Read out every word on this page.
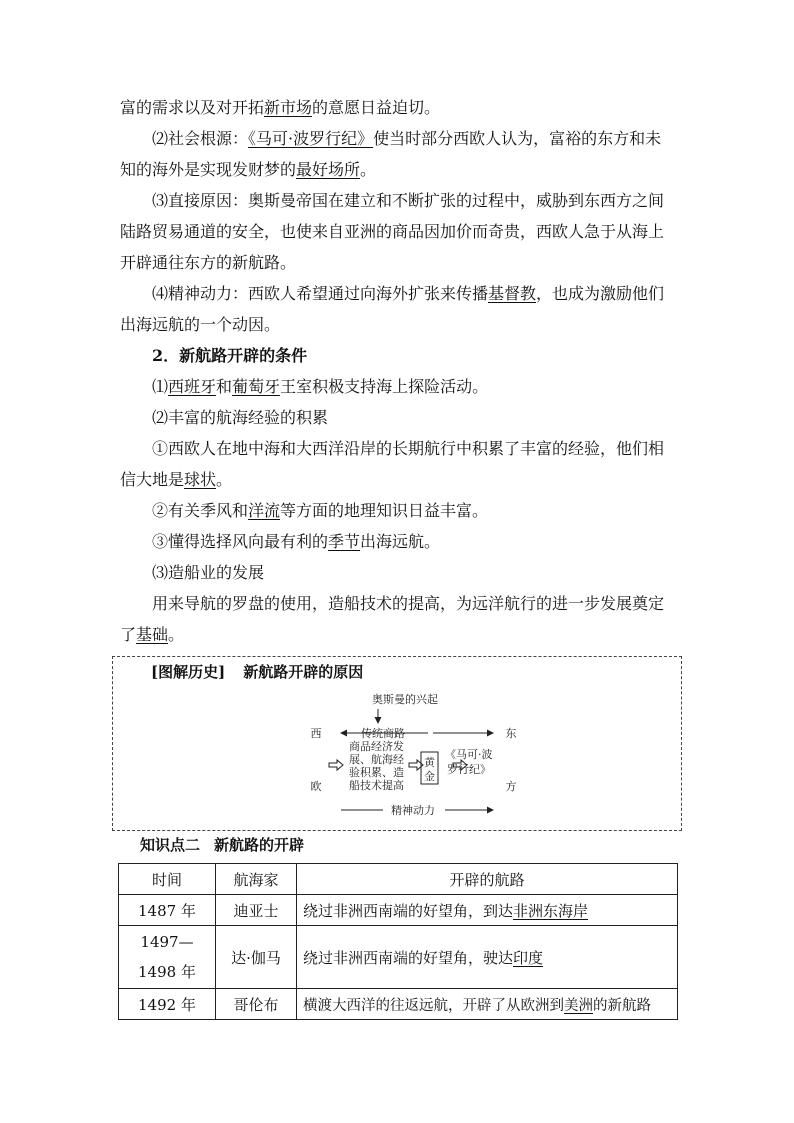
富的需求以及对开拓新市场的意愿日益迫切。

⑵社会根源：《马可·波罗行纪》使当时部分西欧人认为，富裕的东方和未

知的海外是实现发财梦的最好场所。

⑶直接原因：奥斯曼帝国在建立和不断扩张的过程中，威胁到东西方之间

陆路贸易通道的安全，也使来自亚洲的商品因加价而奇贵，西欧人急于从海上

开辟通往东方的新航路。

⑷精神动力：西欧人希望通过向海外扩张来传播基督教，也成为激励他们

出海远航的一个动因。

2．新航路开辟的条件

⑴西班牙和葡萄牙王室积极支持海上探险活动。

⑵丰富的航海经验的积累

①西欧人在地中海和大西洋沿岸的长期航行中积累了丰富的经验，他们相

信大地是球状。

②有关季风和洋流等方面的地理知识日益丰富。

③懂得选择风向最有利的季节出海远航。

⑶造船业的发展

用来导航的罗盘的使用，造船技术的提高，为远洋航行的进一步发展奠定

了基础。

[图解历史] 新航路开辟的原因
奥斯曼的兴起
西
欧
东
方
传统商路
商品经济发
展、航海经
验积累、造
船技术提高
黄
金
《马可·波
罗行纪》
精神动力
知识点二 新航路的开辟
时间	航海家	开辟的航路
1487 年	迪亚士	绕过非洲西南端的好望角，到达非洲东海岸

1497—
1498 年	达·伽马	绕过非洲西南端的好望角，驶达印度
1492 年	哥伦布	横渡大西洋的往返远航，开辟了从欧洲到美洲的新航路
